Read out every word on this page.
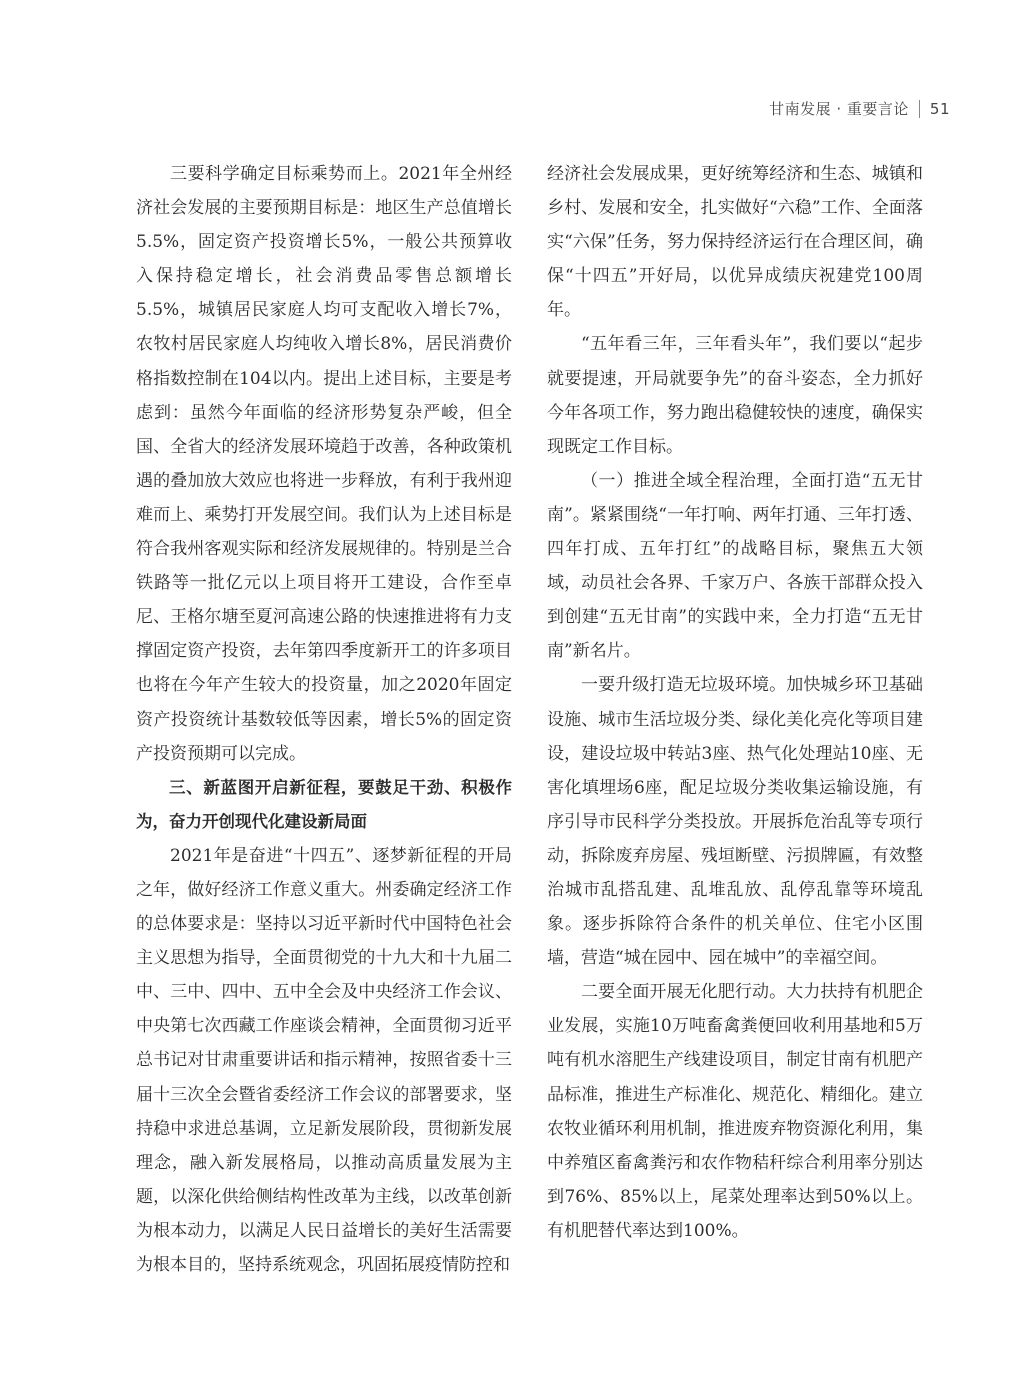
甘南发展 · 重要言论 51

三要科学确定目标乘势而上。2021年全州经济社会发展的主要预期目标是：地区生产总值增长5.5%，固定资产投资增长5%，一般公共预算收入保持稳定增长，社会消费品零售总额增长5.5%，城镇居民家庭人均可支配收入增长7%，农牧村居民家庭人均纯收入增长8%，居民消费价格指数控制在104以内。提出上述目标，主要是考虑到：虽然今年面临的经济形势复杂严峻，但全国、全省大的经济发展环境趋于改善，各种政策机遇的叠加放大效应也将进一步释放，有利于我州迎难而上、乘势打开发展空间。我们认为上述目标是符合我州客观实际和经济发展规律的。特别是兰合铁路等一批亿元以上项目将开工建设，合作至卓尼、王格尔塘至夏河高速公路的快速推进将有力支撑固定资产投资，去年第四季度新开工的许多项目也将在今年产生较大的投资量，加之2020年固定资产投资统计基数较低等因素，增长5%的固定资产投资预期可以完成。

三、新蓝图开启新征程，要鼓足干劲、积极作为，奋力开创现代化建设新局面

2021年是奋进“十四五”、逐梦新征程的开局之年，做好经济工作意义重大。州委确定经济工作的总体要求是：坚持以习近平新时代中国特色社会主义思想为指导，全面贯彻党的十九大和十九届二中、三中、四中、五中全会及中央经济工作会议、中央第七次西藏工作座谈会精神，全面贯彻习近平总书记对甘肃重要讲话和指示精神，按照省委十三届十三次全会暨省委经济工作会议的部署要求，坚持稳中求进总基调，立足新发展阶段，贯彻新发展理念，融入新发展格局，以推动高质量发展为主题，以深化供给侧结构性改革为主线，以改革创新为根本动力，以满足人民日益增长的美好生活需要为根本目的，坚持系统观念，巩固拓展疫情防控和

经济社会发展成果，更好统筹经济和生态、城镇和乡村、发展和安全，扎实做好“六稳”工作、全面落实“六保”任务，努力保持经济运行在合理区间，确保“十四五”开好局，以优异成绩庆祝建党100周年。

“五年看三年，三年看头年”，我们要以“起步就要提速，开局就要争先”的奋斗姿态，全力抓好今年各项工作，努力跑出稳健较快的速度，确保实现既定工作目标。

（一）推进全域全程治理，全面打造“五无甘南”。紧紧围绕“一年打响、两年打通、三年打透、四年打成、五年打红”的战略目标，聚焦五大领域，动员社会各界、千家万户、各族干部群众投入到创建“五无甘南”的实践中来，全力打造“五无甘南”新名片。

一要升级打造无垃圾环境。加快城乡环卫基础设施、城市生活垃圾分类、绿化美化亮化等项目建设，建设垃圾中转站3座、热气化处理站10座、无害化填埋场6座，配足垃圾分类收集运输设施，有序引导市民科学分类投放。开展拆危治乱等专项行动，拆除废弃房屋、残垣断壁、污损牌匾，有效整治城市乱搭乱建、乱堆乱放、乱停乱靠等环境乱象。逐步拆除符合条件的机关单位、住宅小区围墙，营造“城在园中、园在城中”的幸福空间。

二要全面开展无化肥行动。大力扶持有机肥企业发展，实施10万吨畜禽粪便回收利用基地和5万吨有机水溶肥生产线建设项目，制定甘南有机肥产品标准，推进生产标准化、规范化、精细化。建立农牧业循环利用机制，推进废弃物资源化利用，集中养殖区畜禽粪污和农作物秸秆综合利用率分别达到76%、85%以上，尾菜处理率达到50%以上。有机肥替代率达到100%。
